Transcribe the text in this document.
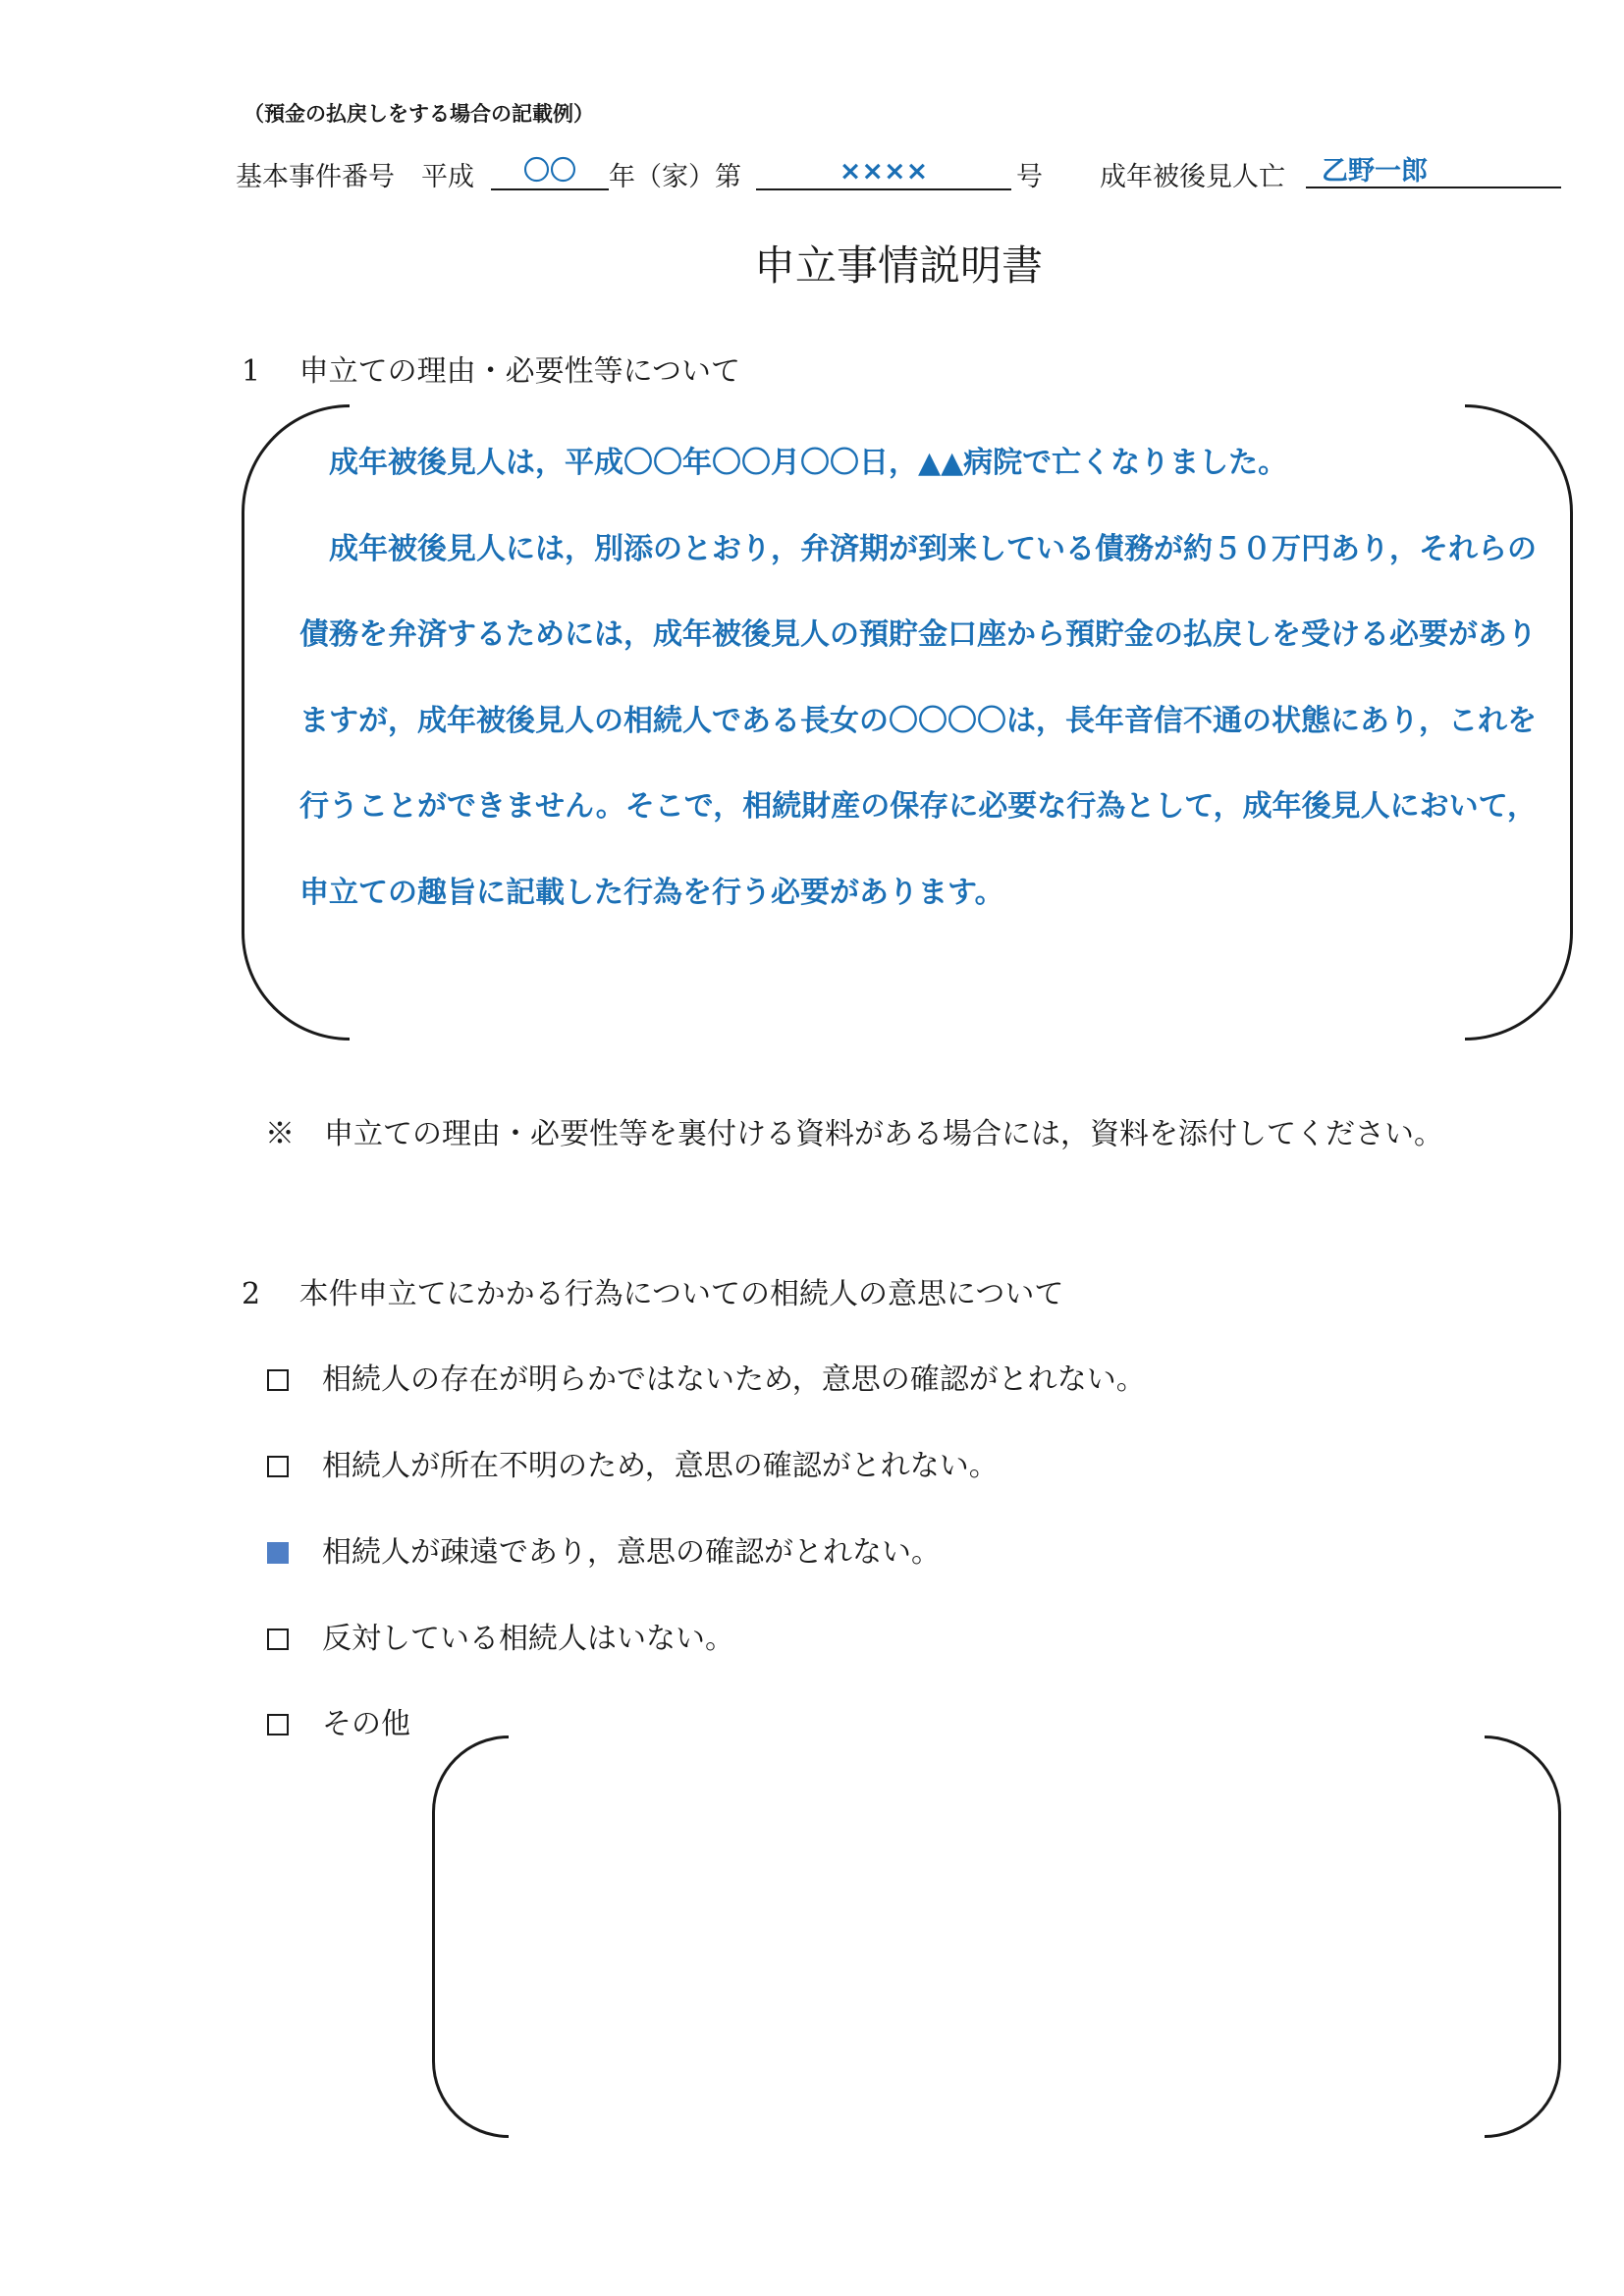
（預金の払戻しをする場合の記載例）
基本事件番号　平成	〇〇	年（家）第	××××	号 成年被後見人亡	乙野一郎
申立事情説明書
1　 申立ての理由・必要性等について

成年被後見人は，平成〇〇年〇〇月〇〇日，▲▲病院で亡くなりました。

成年被後見人には，別添のとおり，弁済期が到来している債務が約５０万円あり，それらの債務を弁済するためには，成年被後見人の預貯金口座から預貯金の払戻しを受ける必要がありますが，成年被後見人の相続人である長女の〇〇〇〇は，長年音信不通の状態にあり，これを行うことができません。そこで，相続財産の保存に必要な行為として，成年後見人において，申立ての趣旨に記載した行為を行う必要があります。

※　申立ての理由・必要性等を裏付ける資料がある場合には，資料を添付してください。
2　 本件申立てにかかる行為についての相続人の意思について
相続人の存在が明らかではないため，意思の確認がとれない。
相続人が所在不明のため，意思の確認がとれない。
相続人が疎遠であり，意思の確認がとれない。
反対している相続人はいない。
その他
